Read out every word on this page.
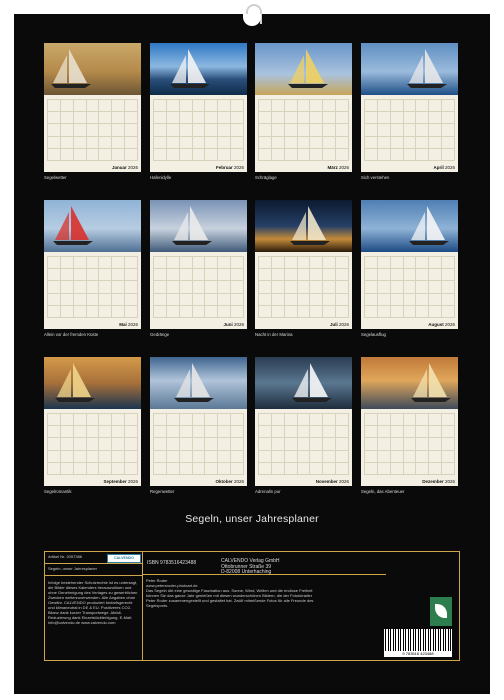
Januar 2026
Segelwetter

Februar 2026
Hafenidylle

März 2026
Schräglage

April 2026
Sich verstehen

Mai 2026
Allein vor der fremden Küste

Juni 2026
Gedränge

Juli 2026
Nacht in der Marina

August 2026
Segelausflug

September 2026
Segelromantik

Oktober 2026
Regenwetter

November 2026
Adrenalin pur

Dezember 2026
Segeln, das Abenteuer
Segeln, unser Jahresplaner
Artikel Nr. 2057386	CALVENDO
Segeln, unser Jahresplaner
Infolge bestehender Schutzrechte ist es untersagt, die Bilder dieses Kalenders herauszulösen und ohne Genehmigung des Verlages zu gewerblichen Zwecken weiterzuverwenden. Alle Angaben ohne Gewähr. CALVENDO produziert bedarfsgerecht und klimaneutral in DE & EU. Positiveres CO2-Bilanz dank kurzer Transportwege. Abfall-Reduzierung dank Einzelstückfertigung. E-Mail: info@calvendo.de www.calvendo.com
ISBN 9783516423488	CALVENDO Verlag GmbH
Ottobrunner Straße 39
D-82008 Unterhaching
Peter Roder
www.petersroder-photoart.de
Das Segeln übt eine gewaltige Faszination aus. Sonne, Wind, Wellen und die endlose Freiheit können Sie das ganze Jahr genießen mit diesen wunderschönen Bildern, die der Fotokünstler Peter Roder zusammengestellt und gestaltet hat. Zwölf mitreißende Fotos für alle Freunde des Segelsports.
9 783516 423488
